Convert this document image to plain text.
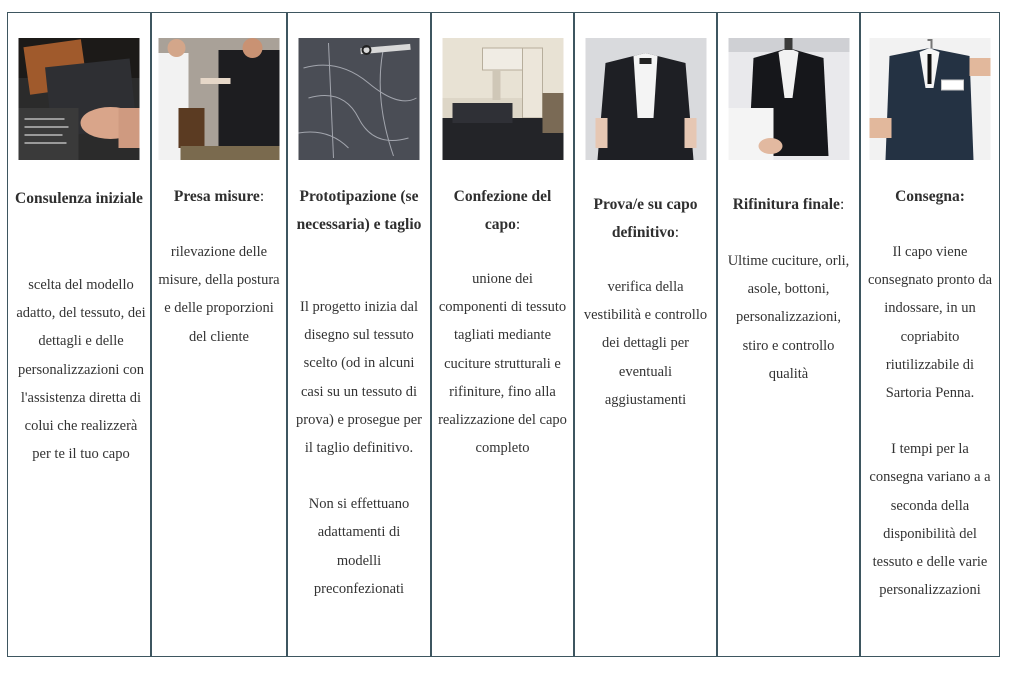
Consulenza iniziale

scelta del modello adatto, del tessuto, dei dettagli e delle personalizzazioni con l'assistenza diretta di colui che realizzerà per te il tuo capo

Presa misure:

rilevazione delle misure, della postura e delle proporzioni del cliente

Prototipazione (se necessaria) e taglio

Il progetto inizia dal disegno sul tessuto scelto (od in alcuni casi su un tessuto di prova) e prosegue per il taglio definitivo.

Non si effettuano adattamenti di modelli preconfezionati

Confezione del capo:

unione dei componenti di tessuto tagliati mediante cuciture strutturali e rifiniture, fino alla realizzazione del capo completo

Prova/e su capo definitivo:

verifica della vestibilità e controllo dei dettagli per eventuali aggiustamenti

Rifinitura finale:

Ultime cuciture, orli, asole, bottoni, personalizzazioni, stiro e controllo qualità

Consegna:

Il capo viene consegnato pronto da indossare, in un copriabito riutilizzabile di Sartoria Penna.

I tempi per la consegna variano a a seconda della disponibilità del tessuto e delle varie personalizzazioni
